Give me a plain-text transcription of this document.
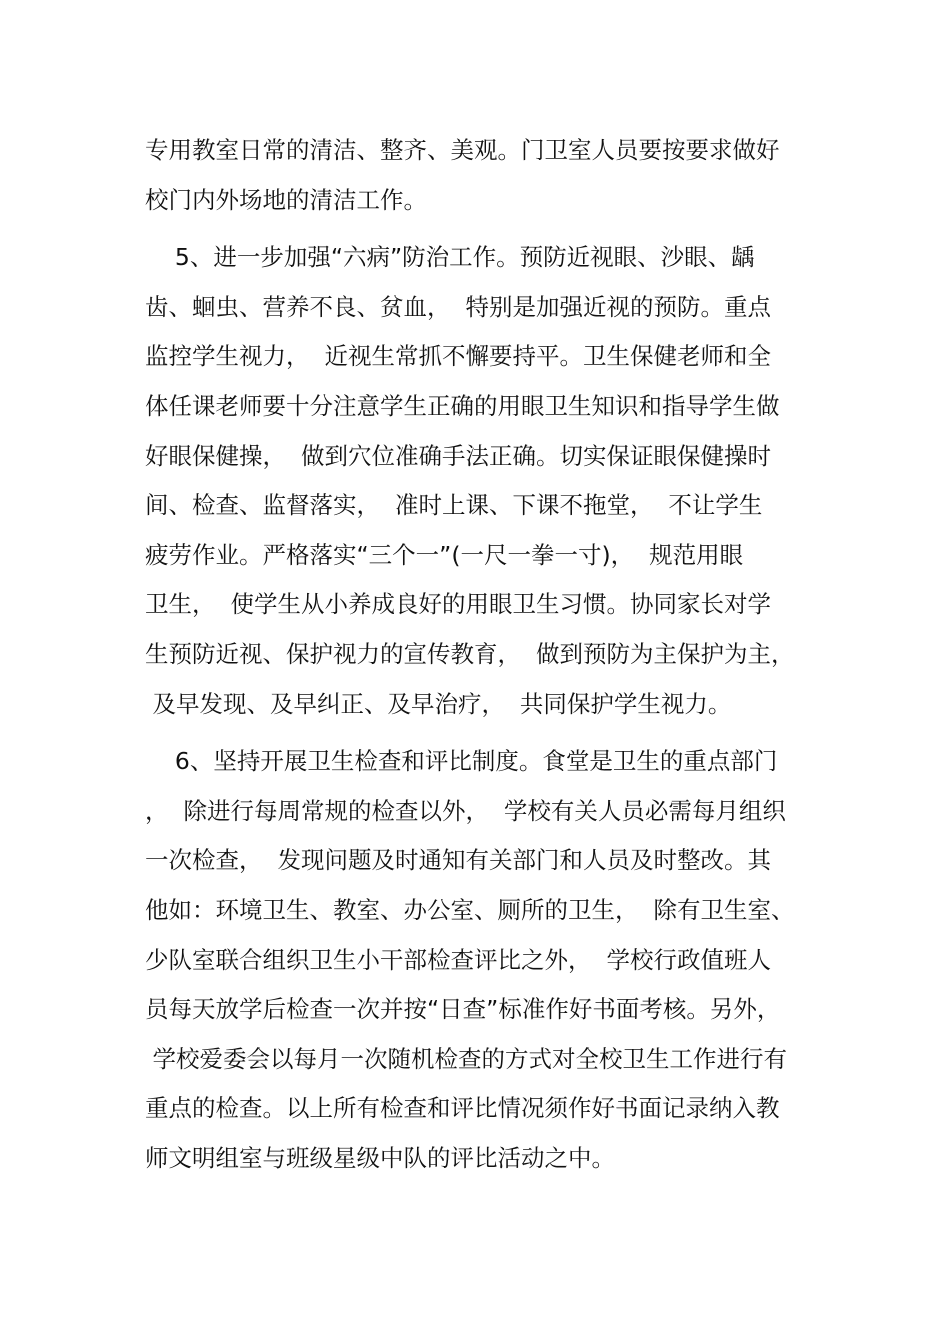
专用教室日常的清洁、整齐、美观。门卫室人员要按要求做好
校门内外场地的清洁工作。
5、进一步加强“六病”防治工作。预防近视眼、沙眼、龋
齿、蛔虫、营养不良、贫血，  特别是加强近视的预防。重点
监控学生视力，  近视生常抓不懈要持平。卫生保健老师和全
体任课老师要十分注意学生正确的用眼卫生知识和指导学生做
好眼保健操，  做到穴位准确手法正确。切实保证眼保健操时
间、检查、监督落实，  准时上课、下课不拖堂，  不让学生
疲劳作业。严格落实“三个一”(一尺一拳一寸)，  规范用眼
卫生，  使学生从小养成良好的用眼卫生习惯。协同家长对学
生预防近视、保护视力的宣传教育，  做到预防为主保护为主，
及早发现、及早纠正、及早治疗，  共同保护学生视力。
6、坚持开展卫生检查和评比制度。食堂是卫生的重点部门
，  除进行每周常规的检查以外，  学校有关人员必需每月组织
一次检查，  发现问题及时通知有关部门和人员及时整改。其
他如：环境卫生、教室、办公室、厕所的卫生，  除有卫生室、
少队室联合组织卫生小干部检查评比之外，  学校行政值班人
员每天放学后检查一次并按“日查”标准作好书面考核。另外，
学校爱委会以每月一次随机检查的方式对全校卫生工作进行有
重点的检查。以上所有检查和评比情况须作好书面记录纳入教
师文明组室与班级星级中队的评比活动之中。
